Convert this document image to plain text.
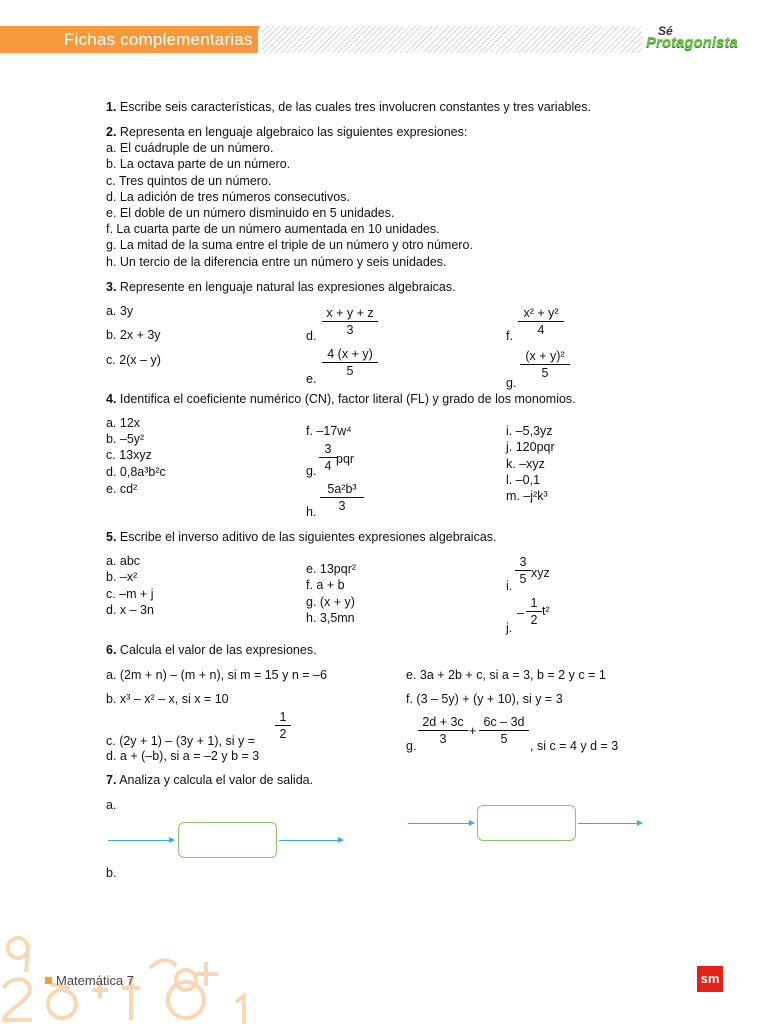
Fichas complementarias	Sé
Protagonista
1. Escribe seis características, de las cuales tres involucren constantes y tres variables.
2. Representa en lenguaje algebraico las siguientes expresiones:
a. El cuádruple de un número.
b. La octava parte de un número.
c. Tres quintos de un número.
d. La adición de tres números consecutivos.
e. El doble de un número disminuido en 5 unidades.
f. La cuarta parte de un número aumentada en 10 unidades.
g. La mitad de la suma entre el triple de un número y otro número.
h. Un tercio de la diferencia entre un número y seis unidades.
3. Represente en lenguaje natural las expresiones algebraicas.
a. 3y
b. 2x + 3y
c. 2(x – y)
d.
x + y + z
3
e.
4 (x + y)
5
f.
x² + y²
4
g.
(x + y)²
5
4. Identifica el coeficiente numérico (CN), factor literal (FL) y grado de los monomios.
a. 12x
b. –5y²
c. 13xyz
d. 0,8a³b²c
e. cd²
f. –17w⁴
g.
3
4 pqr
h.
5a²b³
3
i. –5,3yz
j. 120pqr
k. –xyz
l. –0,1
m. –j²k³
5. Escribe el inverso aditivo de las siguientes expresiones algebraicas.
a. abc
b. –x²
c. –m + j
d. x – 3n
e. 13pqr²
f. a + b
g. (x + y)
h. 3,5mn
i.
3
5 xyz
j.
–
1
2
t²
6. Calcula el valor de las expresiones.
a. (2m + n) – (m + n), si m = 15 y n = –6
b. x³ – x² – x, si x = 10
c. (2y + 1) – (3y + 1), si y =
1
2
d. a + (–b), si a = –2 y b = 3
e. 3a + 2b + c, si a = 3, b = 2 y c = 1
f. (3 – 5y) + (y + 10), si y = 3
g.
2d + 3c
3
+
6c – 3d
5	, si c = 4 y d = 3
7. Analiza y calcula el valor de salida.
a.
b.
Matemática 7	sm
